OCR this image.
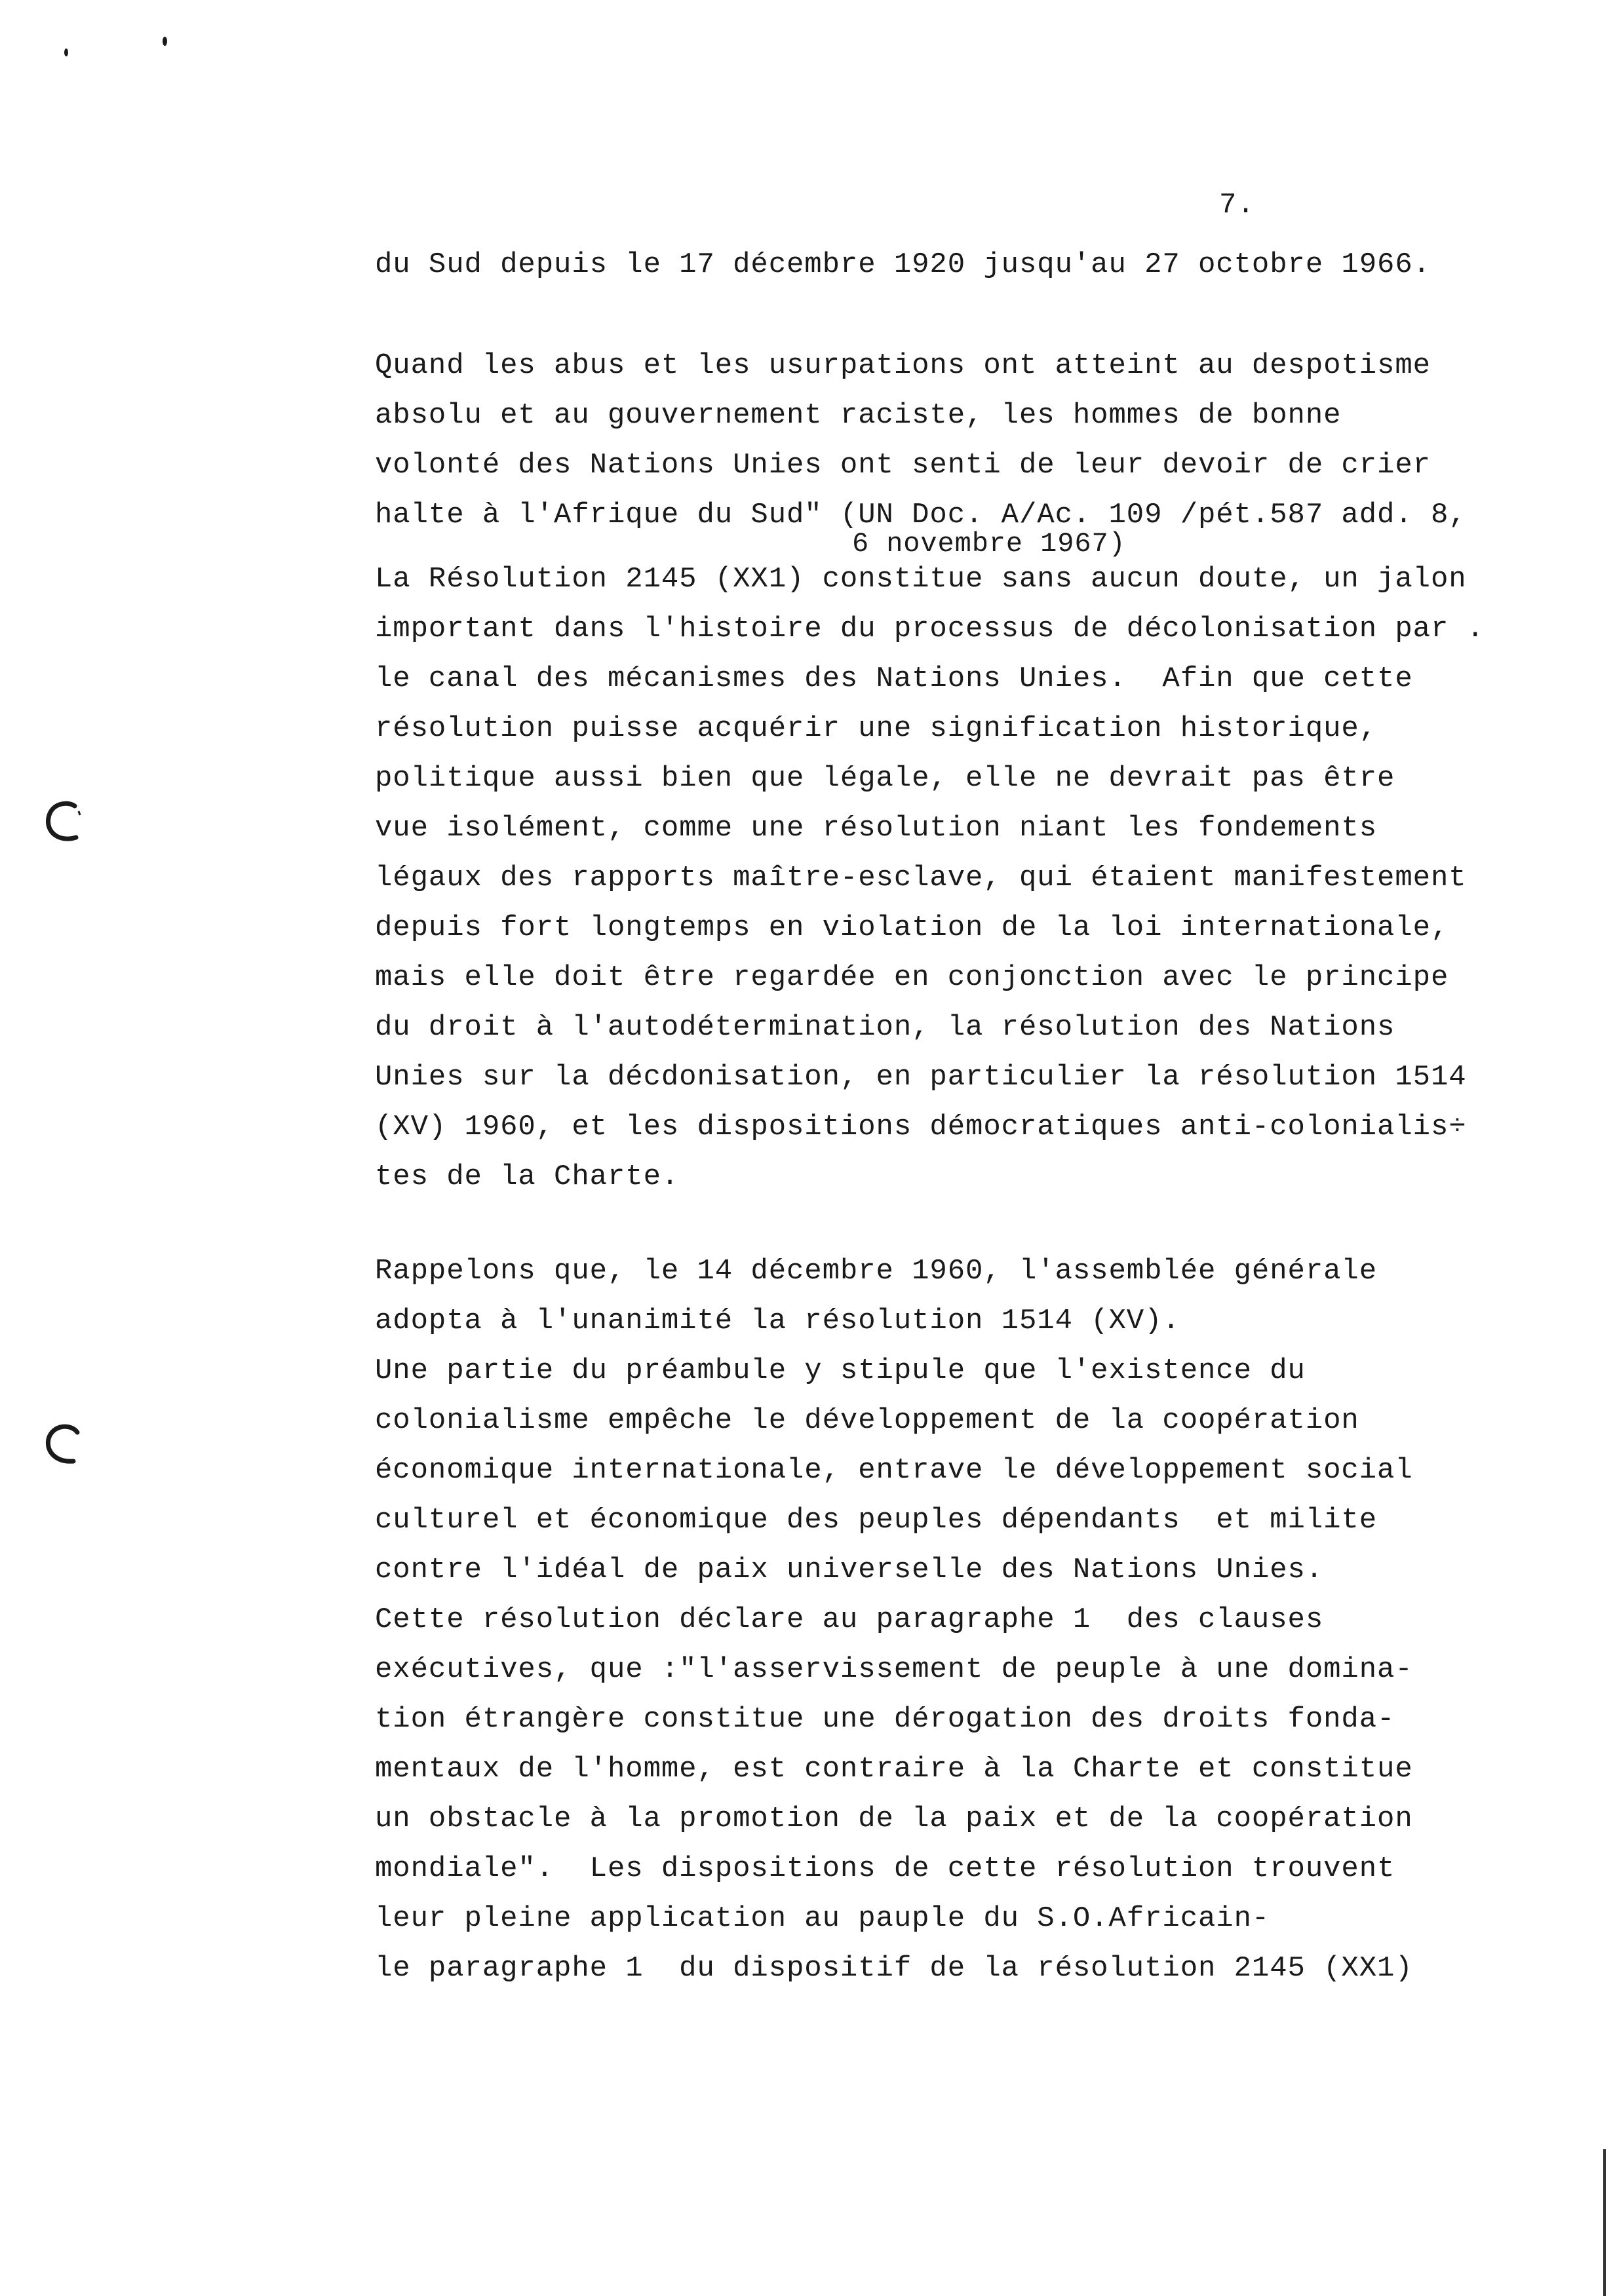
7.

du Sud depuis le 17 décembre 1920 jusqu'au 27 octobre 1966.

Quand les abus et les usurpations ont atteint au despotisme

absolu et au gouvernement raciste, les hommes de bonne

volonté des Nations Unies ont senti de leur devoir de crier

halte à l'Afrique du Sud" (UN Doc. A/Ac. 109 /pét.587 add. 8,

6 novembre 1967)

La Résolution 2145 (XX1) constitue sans aucun doute, un jalon

important dans l'histoire du processus de décolonisation par .

le canal des mécanismes des Nations Unies.  Afin que cette

résolution puisse acquérir une signification historique,

politique aussi bien que légale, elle ne devrait pas être

vue isolément, comme une résolution niant les fondements

légaux des rapports maître-esclave, qui étaient manifestement

depuis fort longtemps en violation de la loi internationale,

mais elle doit être regardée en conjonction avec le principe

du droit à l'autodétermination, la résolution des Nations

Unies sur la décdonisation, en particulier la résolution 1514

(XV) 1960, et les dispositions démocratiques anti-colonialis÷

tes de la Charte.

Rappelons que, le 14 décembre 1960, l'assemblée générale

adopta à l'unanimité la résolution 1514 (XV).

Une partie du préambule y stipule que l'existence du

colonialisme empêche le développement de la coopération

économique internationale, entrave le développement social

culturel et économique des peuples dépendants  et milite

contre l'idéal de paix universelle des Nations Unies.

Cette résolution déclare au paragraphe 1  des clauses

exécutives, que :"l'asservissement de peuple à une domina-

tion étrangère constitue une dérogation des droits fonda-

mentaux de l'homme, est contraire à la Charte et constitue

un obstacle à la promotion de la paix et de la coopération

mondiale".  Les dispositions de cette résolution trouvent

leur pleine application au pauple du S.O.Africain-

le paragraphe 1  du dispositif de la résolution 2145 (XX1)
